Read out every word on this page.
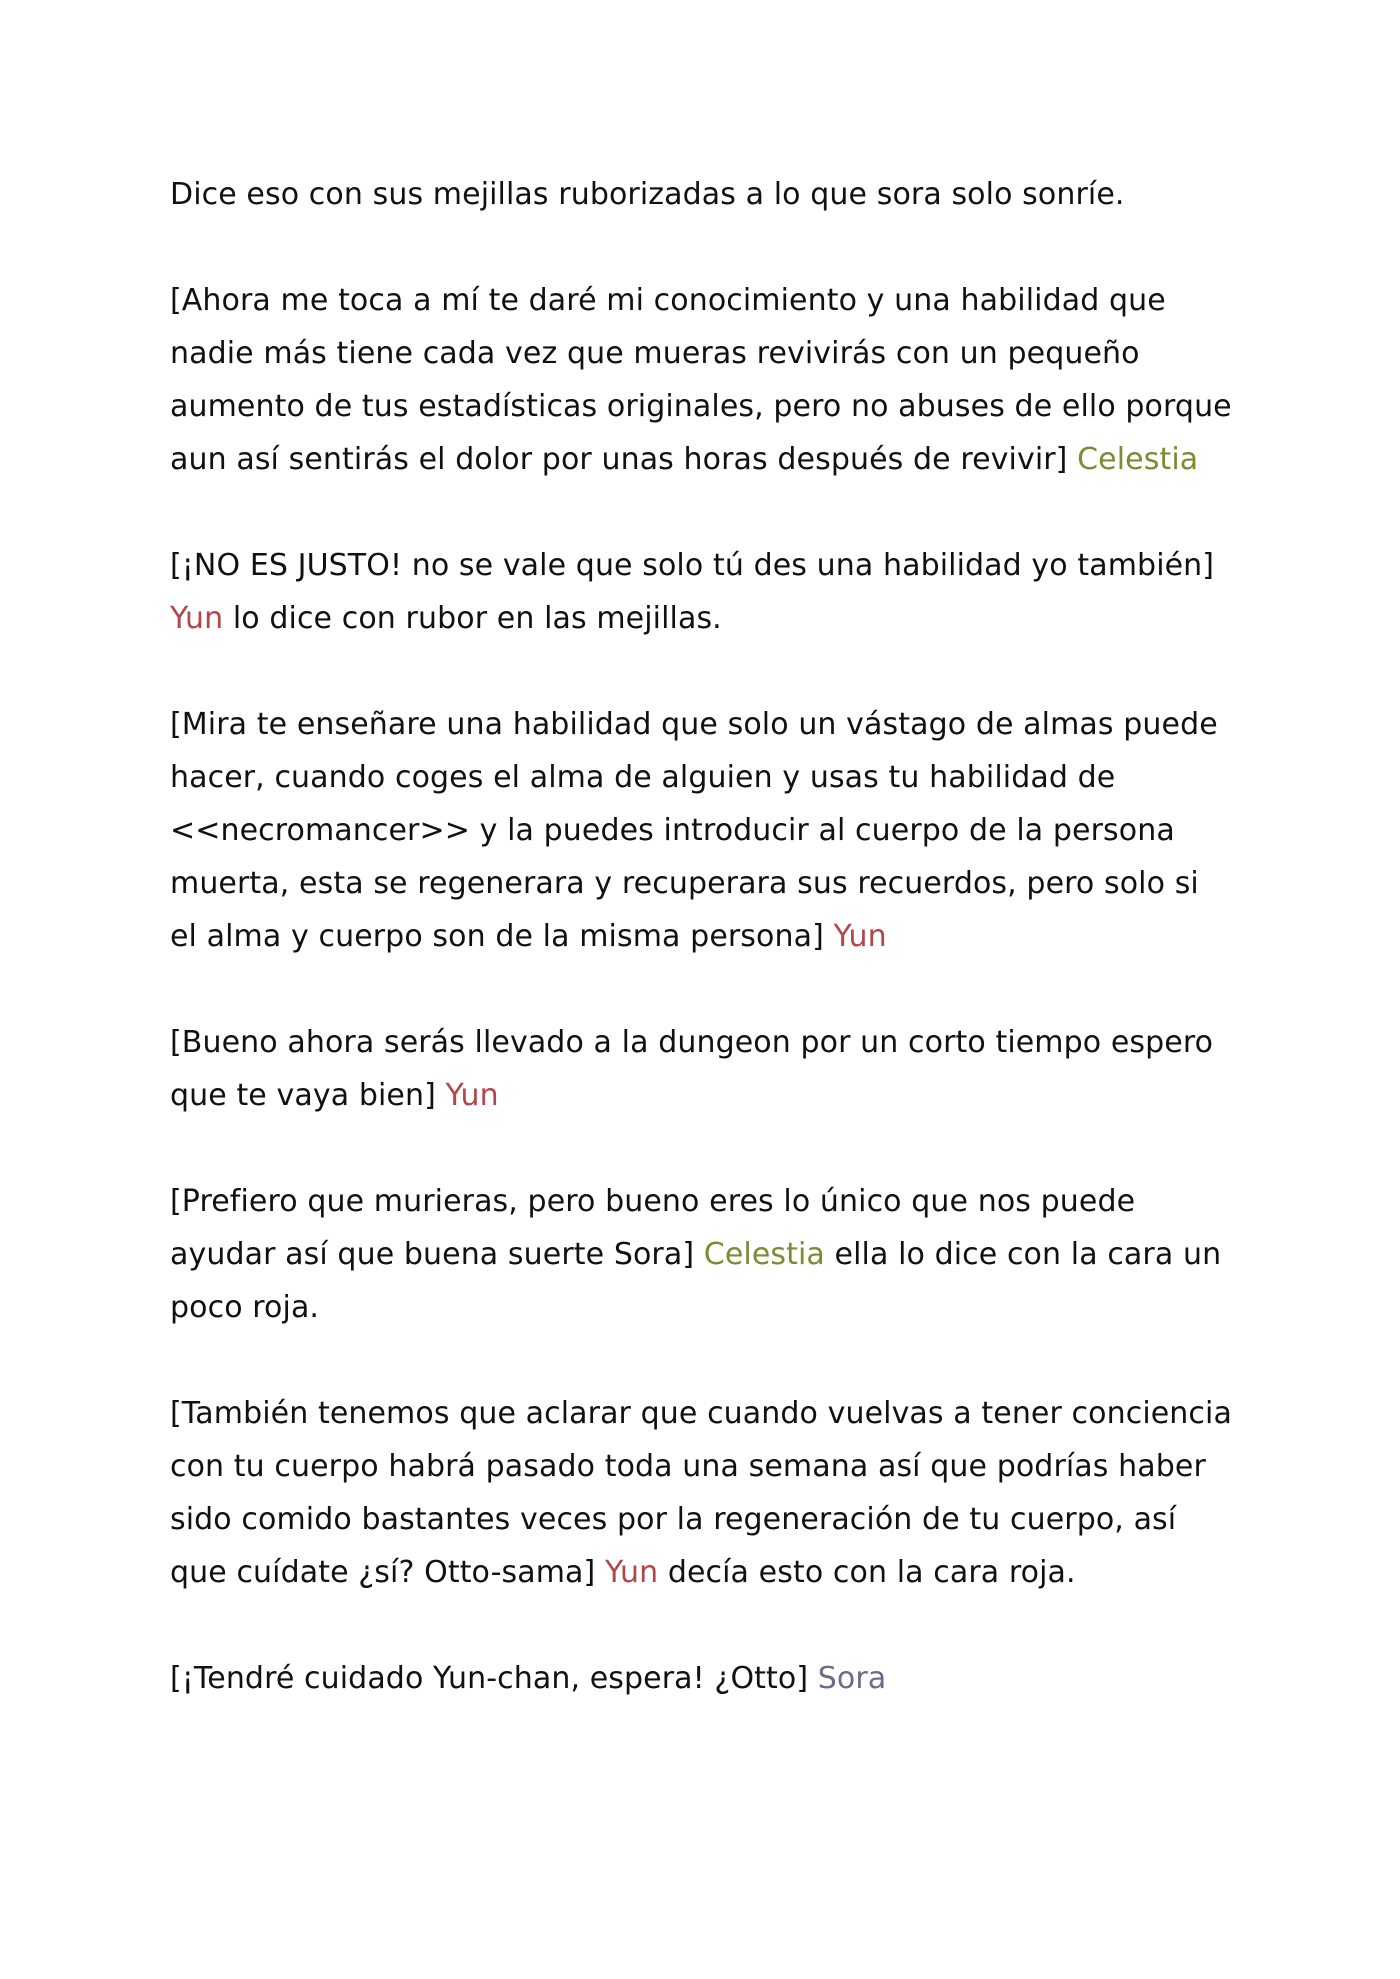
Dice eso con sus mejillas ruborizadas a lo que sora solo sonríe.
[Ahora me toca a mí te daré mi conocimiento y una habilidad que
nadie más tiene cada vez que mueras revivirás con un pequeño
aumento de tus estadísticas originales, pero no abuses de ello porque
aun así sentirás el dolor por unas horas después de revivir] Celestia
[¡NO ES JUSTO! no se vale que solo tú des una habilidad yo también]
Yun lo dice con rubor en las mejillas.
[Mira te enseñare una habilidad que solo un vástago de almas puede
hacer, cuando coges el alma de alguien y usas tu habilidad de
<<necromancer>> y la puedes introducir al cuerpo de la persona
muerta, esta se regenerara y recuperara sus recuerdos, pero solo si
el alma y cuerpo son de la misma persona] Yun
[Bueno ahora serás llevado a la dungeon por un corto tiempo espero
que te vaya bien] Yun
[Prefiero que murieras, pero bueno eres lo único que nos puede
ayudar así que buena suerte Sora] Celestia ella lo dice con la cara un
poco roja.
[También tenemos que aclarar que cuando vuelvas a tener conciencia
con tu cuerpo habrá pasado toda una semana así que podrías haber
sido comido bastantes veces por la regeneración de tu cuerpo, así
que cuídate ¿sí? Otto-sama] Yun decía esto con la cara roja.
[¡Tendré cuidado Yun-chan, espera! ¿Otto] Sora
